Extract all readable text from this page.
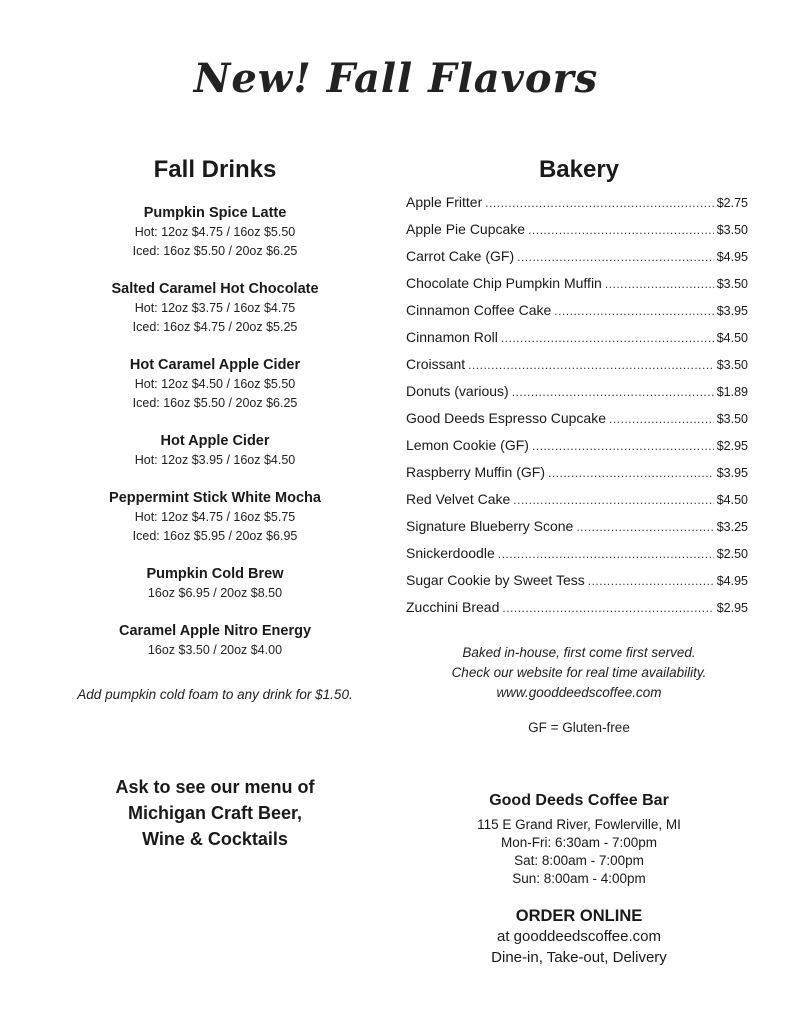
New! Fall Flavors
Fall Drinks	Bakery
Pumpkin Spice Latte
Hot: 12oz $4.75 / 16oz $5.50
Iced: 16oz $5.50 / 20oz $6.25
Salted Caramel Hot Chocolate
Hot: 12oz $3.75 / 16oz $4.75
Iced: 16oz $4.75 / 20oz $5.25
Hot Caramel Apple Cider
Hot: 12oz $4.50 / 16oz $5.50
Iced: 16oz $5.50 / 20oz $6.25
Hot Apple Cider
Hot: 12oz $3.95 / 16oz $4.50
Peppermint Stick White Mocha
Hot: 12oz $4.75 / 16oz $5.75
Iced: 16oz $5.95 / 20oz $6.95
Pumpkin Cold Brew
16oz $6.95 / 20oz $8.50
Caramel Apple Nitro Energy
16oz $3.50 / 20oz $4.00
Add pumpkin cold foam to any drink for $1.50.
Apple Fritter .....	$2.75
Apple Pie Cupcake .....	$3.50
Carrot Cake (GF) .....	$4.95
Chocolate Chip Pumpkin Muffin .....	$3.50
Cinnamon Coffee Cake .....	$3.95
Cinnamon Roll .....	$4.50
Croissant .....	$3.50
Donuts (various) .....	$1.89
Good Deeds Espresso Cupcake .....	$3.50
Lemon Cookie (GF) .....	$2.95
Raspberry Muffin (GF) .....	$3.95
Red Velvet Cake .....	$4.50
Signature Blueberry Scone .....	$3.25
Snickerdoodle .....	$2.50
Sugar Cookie by Sweet Tess .....	$4.95
Zucchini Bread .....	$2.95
Baked in-house, first come first served.
Check our website for real time availability.
www.gooddeedscoffee.com
GF = Gluten-free
Ask to see our menu of
Michigan Craft Beer,
Wine & Cocktails
Good Deeds Coffee Bar
115 E Grand River, Fowlerville, MI
Mon-Fri: 6:30am - 7:00pm
Sat: 8:00am - 7:00pm
Sun: 8:00am - 4:00pm
ORDER ONLINE
at gooddeedscoffee.com
Dine-in, Take-out, Delivery
